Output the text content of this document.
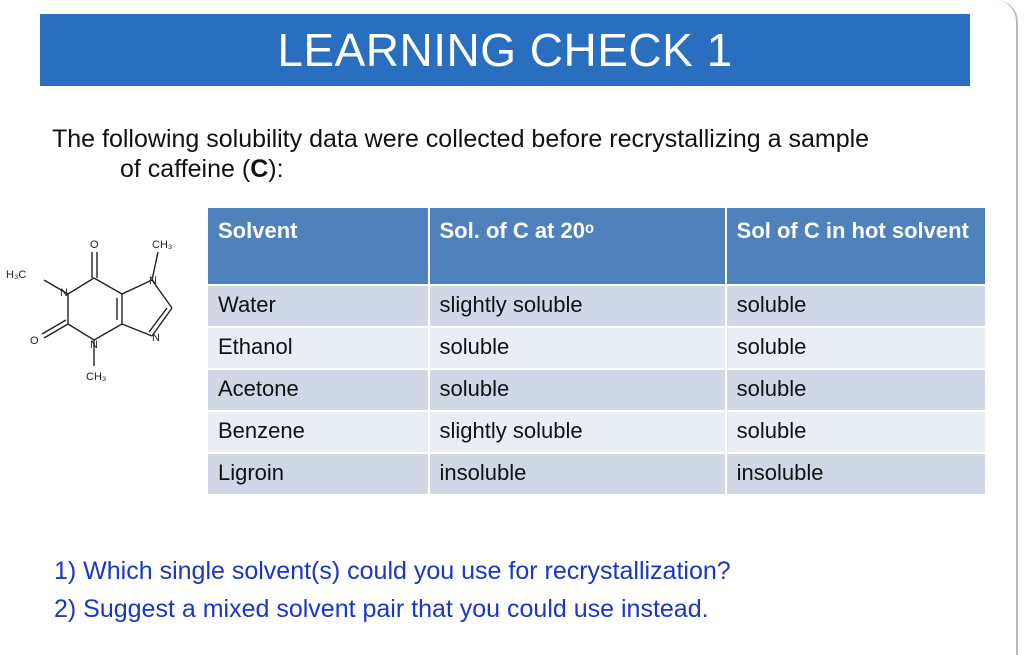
LEARNING CHECK 1
The following solubility data were collected before recrystallizing a sample
of caffeine (C):
H₃C
CH₃
CH₃
O
O
N
N
N
N
Solvent	Sol. of C at 20ᵒ	Sol of C in hot solvent
Water	slightly soluble	soluble
Ethanol	soluble	soluble
Acetone	soluble	soluble
Benzene	slightly soluble	soluble
Ligroin	insoluble	insoluble
1) Which single solvent(s) could you use for recrystallization?
2) Suggest a mixed solvent pair that you could use instead.
